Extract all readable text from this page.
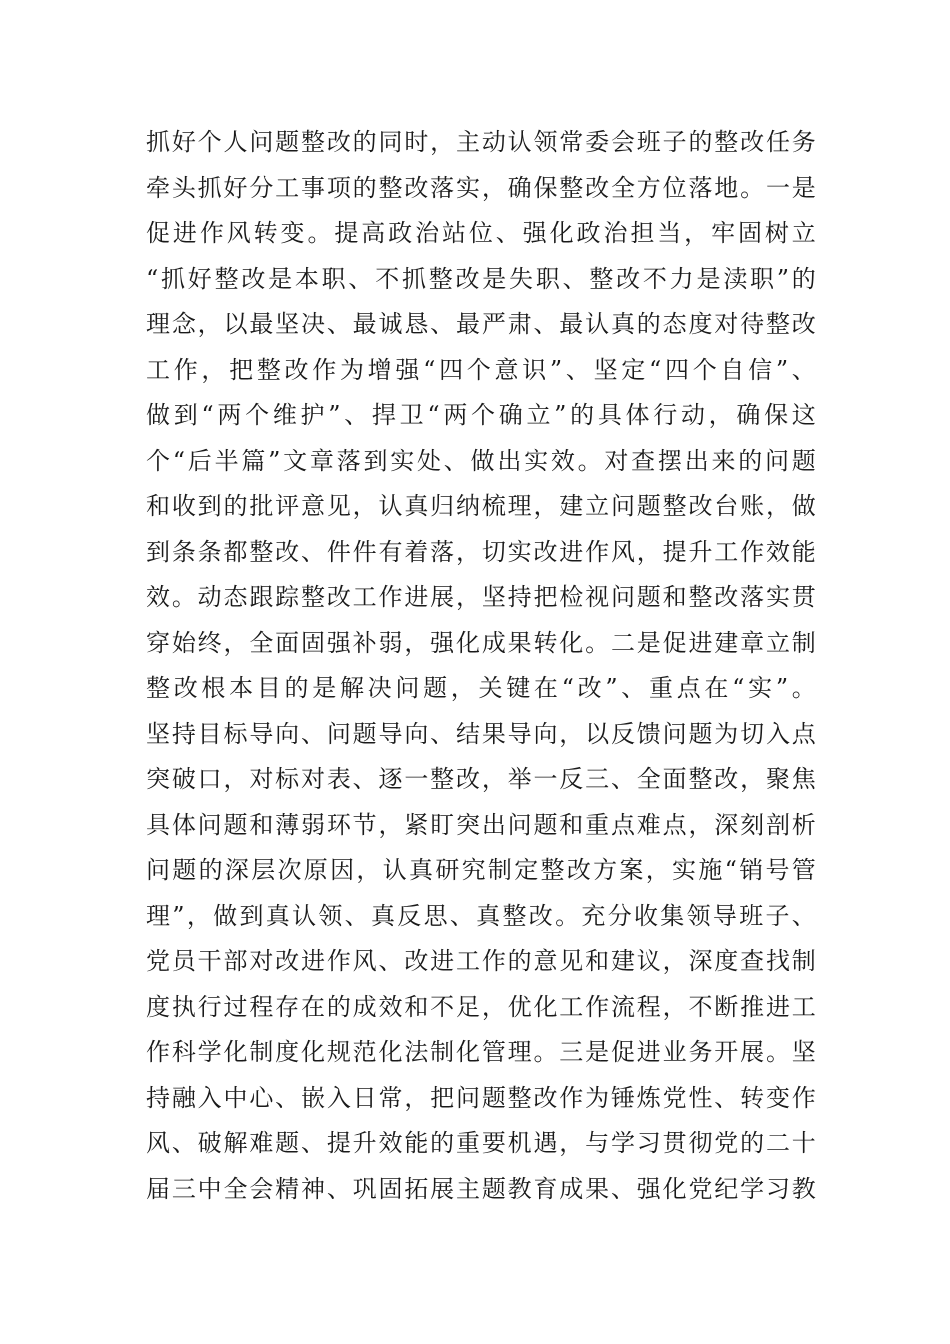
抓好个人问题整改的同时，主动认领常委会班子的整改任务
牵头抓好分工事项的整改落实，确保整改全方位落地。一是
促进作风转变。提高政治站位、强化政治担当，牢固树立
“抓好整改是本职、不抓整改是失职、整改不力是渎职”的
理念，以最坚决、最诚恳、最严肃、最认真的态度对待整改
工作，把整改作为增强“四个意识”、坚定“四个自信”、
做到“两个维护”、捍卫“两个确立”的具体行动，确保这
个“后半篇”文章落到实处、做出实效。对查摆出来的问题
和收到的批评意见，认真归纳梳理，建立问题整改台账，做
到条条都整改、件件有着落，切实改进作风，提升工作效能
效。动态跟踪整改工作进展，坚持把检视问题和整改落实贯
穿始终，全面固强补弱，强化成果转化。二是促进建章立制
整改根本目的是解决问题，关键在“改”、重点在“实”。
坚持目标导向、问题导向、结果导向，以反馈问题为切入点
突破口，对标对表、逐一整改，举一反三、全面整改，聚焦
具体问题和薄弱环节，紧盯突出问题和重点难点，深刻剖析
问题的深层次原因，认真研究制定整改方案，实施“销号管
理”，做到真认领、真反思、真整改。充分收集领导班子、
党员干部对改进作风、改进工作的意见和建议，深度查找制
度执行过程存在的成效和不足，优化工作流程，不断推进工
作科学化制度化规范化法制化管理。三是促进业务开展。坚
持融入中心、嵌入日常，把问题整改作为锤炼党性、转变作
风、破解难题、提升效能的重要机遇，与学习贯彻党的二十
届三中全会精神、巩固拓展主题教育成果、强化党纪学习教
